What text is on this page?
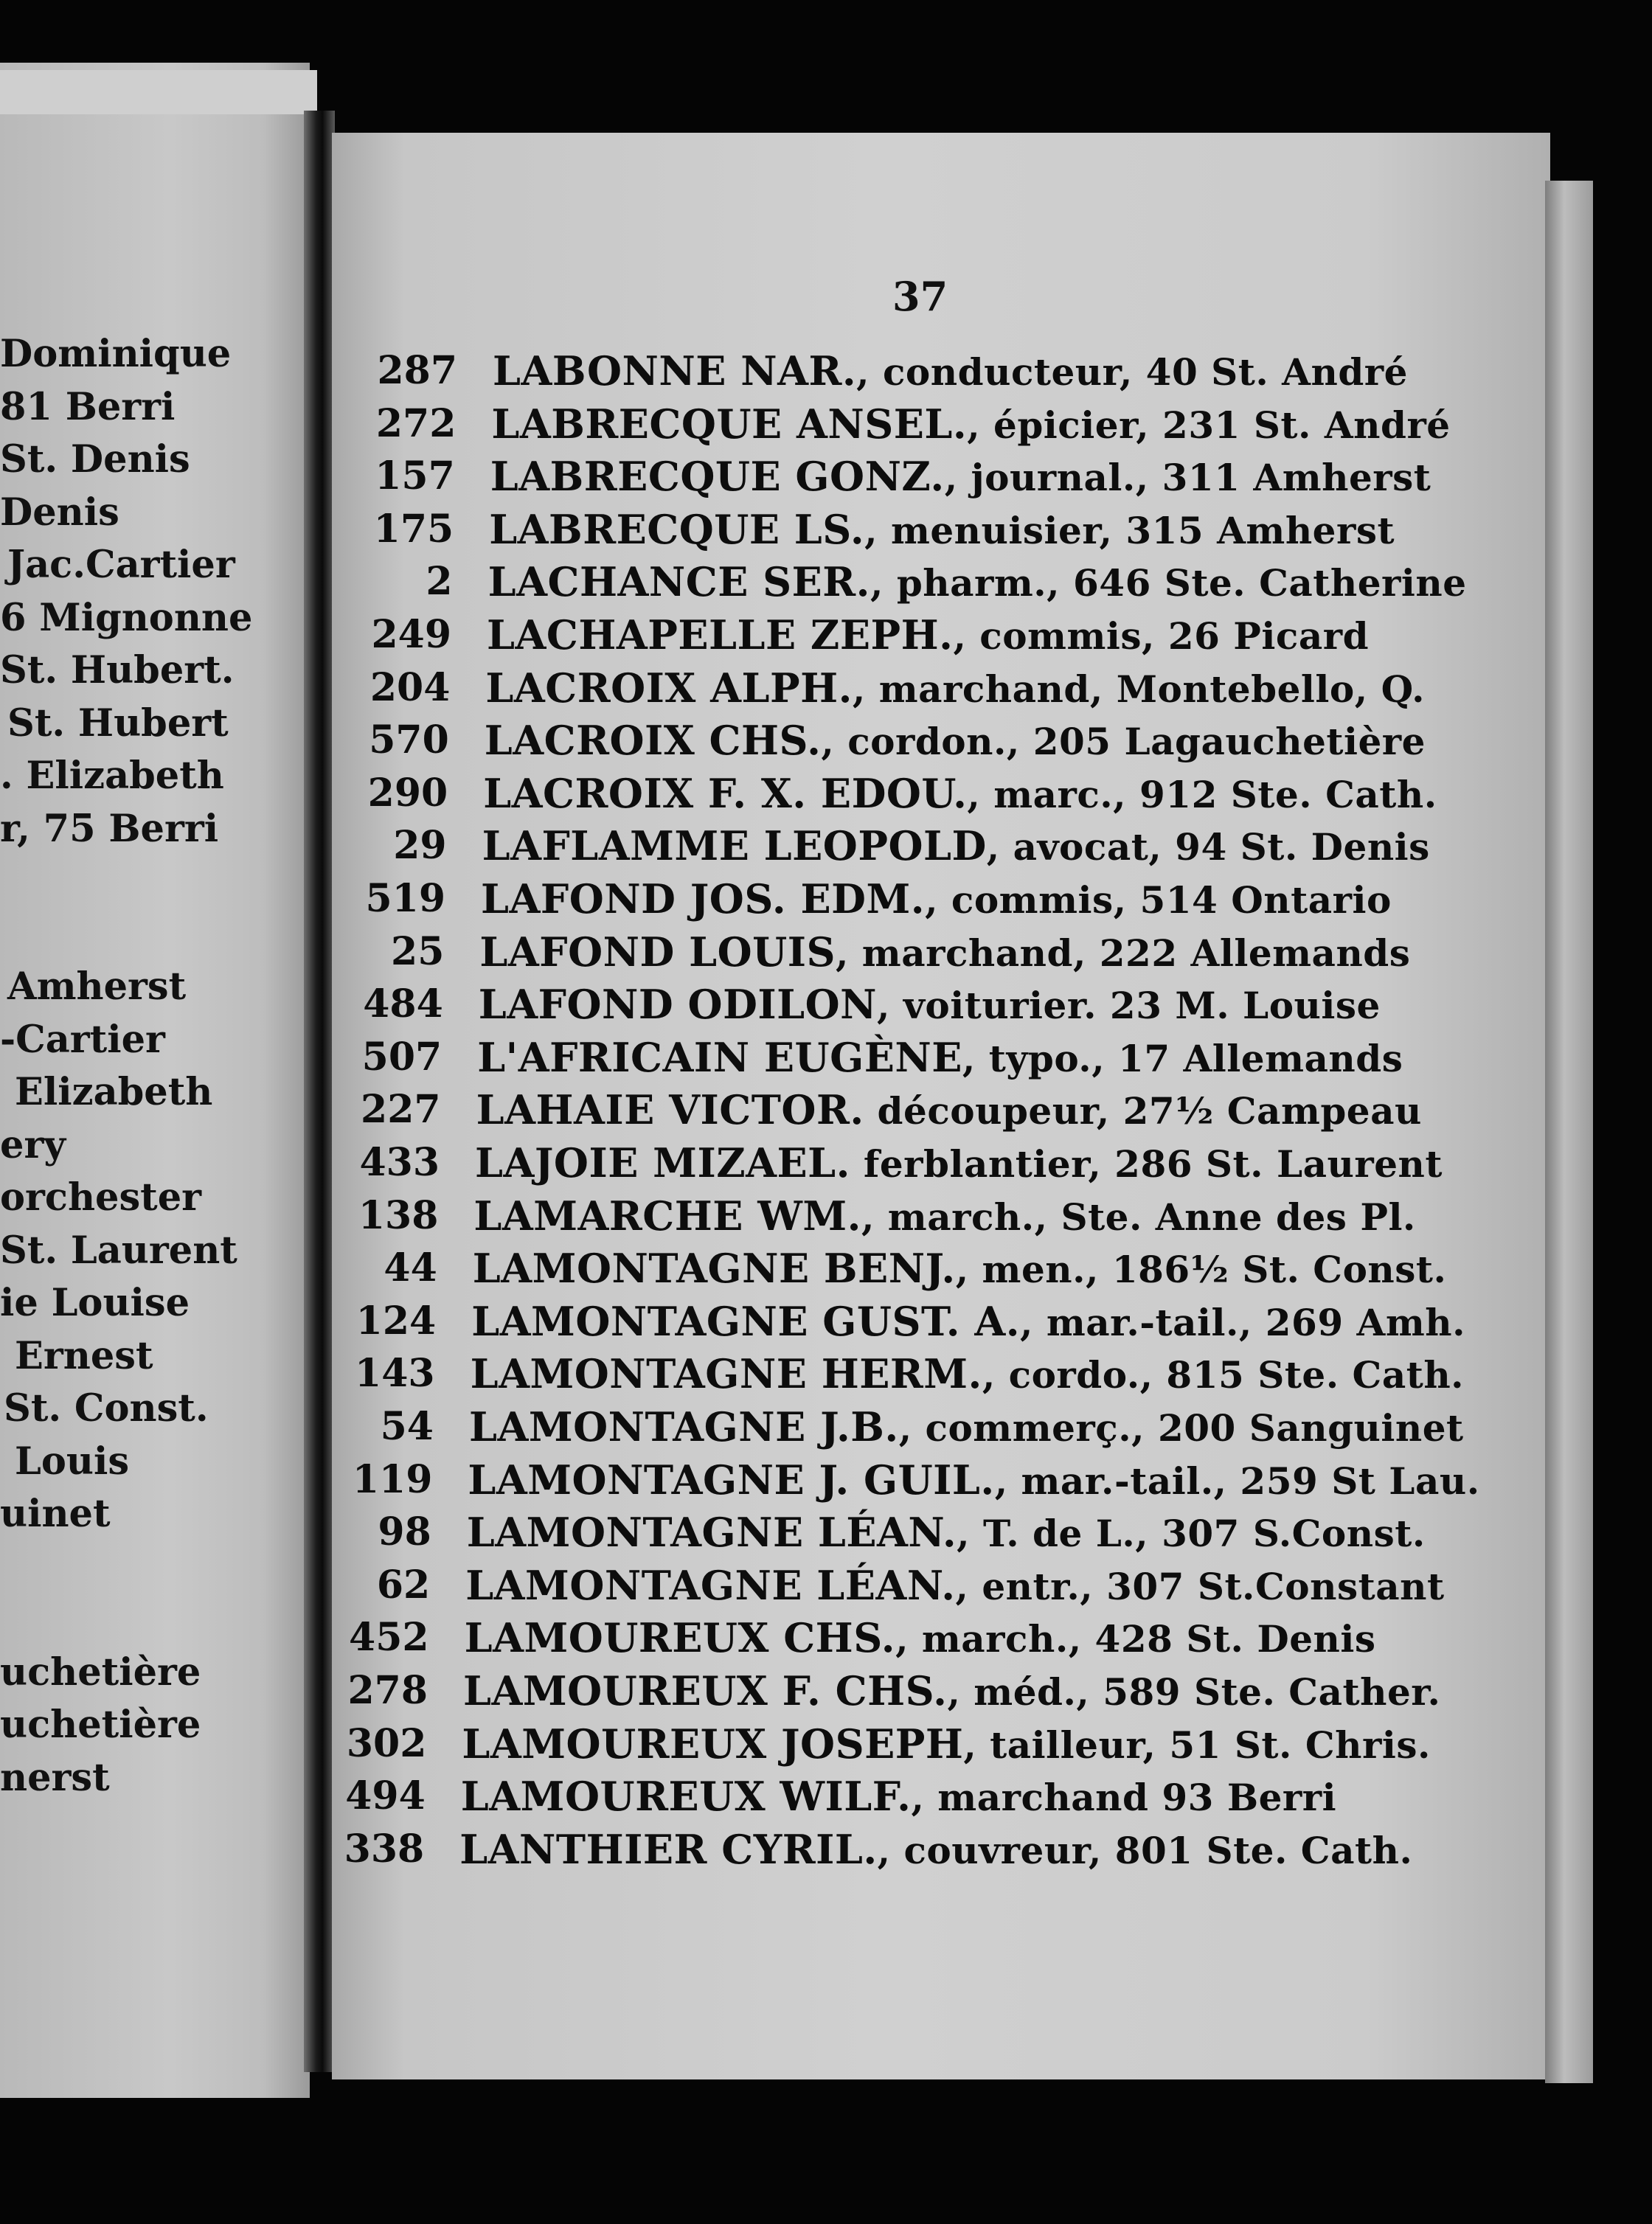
37
Dominique
81 Berri
St. Denis
Denis
Jac.Cartier
6 Mignonne
St. Hubert.
St. Hubert
. Elizabeth
r, 75 Berri
Amherst
-Cartier
Elizabeth
ery
orchester
St. Laurent
ie Louise
Ernest
St. Const.
Louis
uinet
uchetière
uchetière
nerst
287 LABONNE NAR., conducteur, 40 St. André
272 LABRECQUE ANSEL., épicier, 231 St. André
157 LABRECQUE GONZ., journal., 311 Amherst
175 LABRECQUE LS., menuisier, 315 Amherst
2 LACHANCE SER., pharm., 646 Ste. Catherine
249 LACHAPELLE ZEPH., commis, 26 Picard
204 LACROIX ALPH., marchand, Montebello, Q.
570 LACROIX CHS., cordon., 205 Lagauchetière
290 LACROIX F. X. EDOU., marc., 912 Ste. Cath.
29 LAFLAMME LEOPOLD, avocat, 94 St. Denis
519 LAFOND JOS. EDM., commis, 514 Ontario
25 LAFOND LOUIS, marchand, 222 Allemands
484 LAFOND ODILON, voiturier. 23 M. Louise
507 L'AFRICAIN EUGÈNE, typo., 17 Allemands
227 LAHAIE VICTOR. découpeur, 27½ Campeau
433 LAJOIE MIZAEL. ferblantier, 286 St. Laurent
138 LAMARCHE WM., march., Ste. Anne des Pl.
44 LAMONTAGNE BENJ., men., 186½ St. Const.
124 LAMONTAGNE GUST. A., mar.-tail., 269 Amh.
143 LAMONTAGNE HERM., cordo., 815 Ste. Cath.
54 LAMONTAGNE J.B., commerç., 200 Sanguinet
119 LAMONTAGNE J. GUIL., mar.-tail., 259 St Lau.
98 LAMONTAGNE LÉAN., T. de L., 307 S.Const.
62 LAMONTAGNE LÉAN., entr., 307 St.Constant
452 LAMOUREUX CHS., march., 428 St. Denis
278 LAMOUREUX F. CHS., méd., 589 Ste. Cather.
302 LAMOUREUX JOSEPH, tailleur, 51 St. Chris.
494 LAMOUREUX WILF., marchand 93 Berri
338 LANTHIER CYRIL., couvreur, 801 Ste. Cath.
